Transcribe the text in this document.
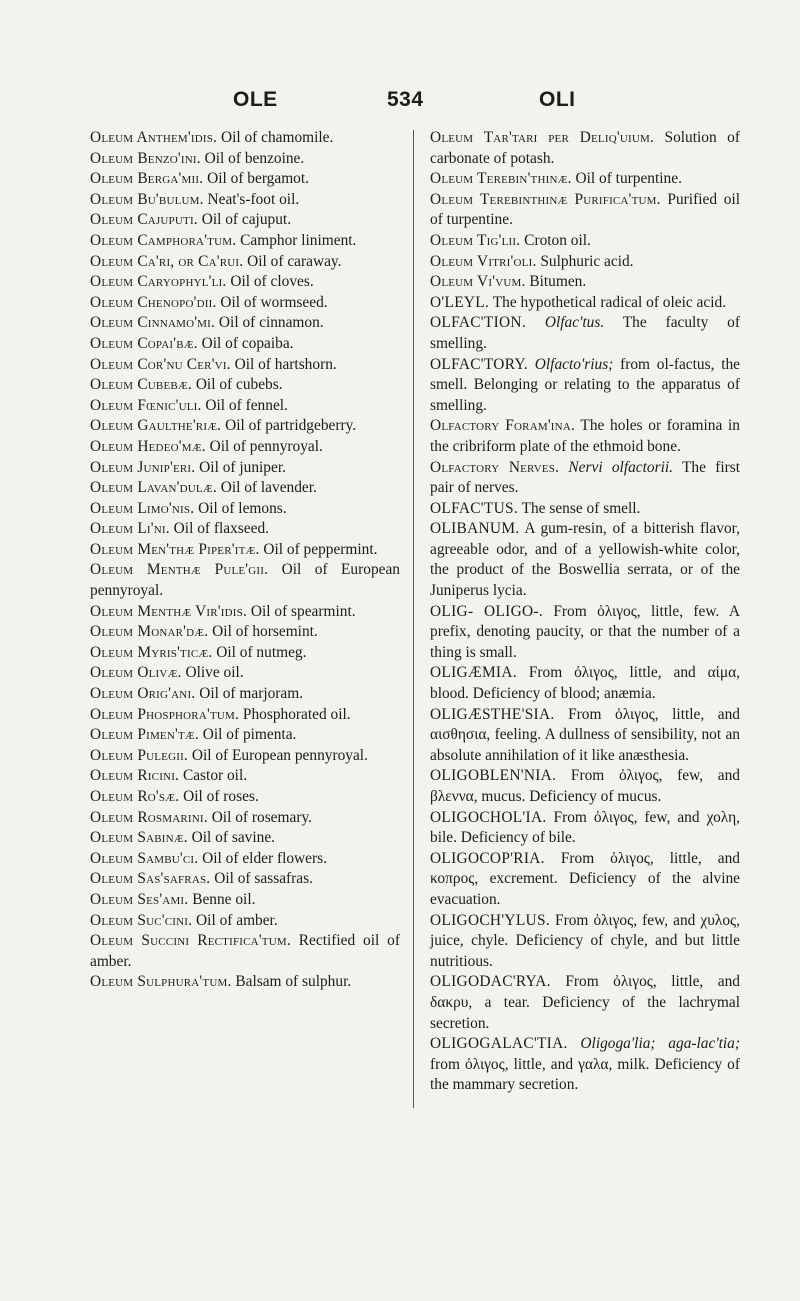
OLE	534	OLI

Oleum Anthem'idis. Oil of chamomile.

Oleum Benzo'ini. Oil of benzoine.

Oleum Berga'mii. Oil of bergamot.

Oleum Bu'bulum. Neat's-foot oil.

Oleum Cajuputi. Oil of cajuput.

Oleum Camphora'tum. Camphor liniment.

Oleum Ca'ri, or Ca'rui. Oil of caraway.

Oleum Caryophyl'li. Oil of cloves.

Oleum Chenopo'dii. Oil of wormseed.

Oleum Cinnamo'mi. Oil of cinnamon.

Oleum Copai'bæ. Oil of copaiba.

Oleum Cor'nu Cer'vi. Oil of hartshorn.

Oleum Cubebæ. Oil of cubebs.

Oleum Fœnic'uli. Oil of fennel.

Oleum Gaulthe'riæ. Oil of partridgeberry.

Oleum Hedeo'mæ. Oil of pennyroyal.

Oleum Junip'eri. Oil of juniper.

Oleum Lavan'dulæ. Oil of lavender.

Oleum Limo'nis. Oil of lemons.

Oleum Li'ni. Oil of flaxseed.

Oleum Men'thæ Piper'itæ. Oil of peppermint.

Oleum Menthæ Pule'gii. Oil of European pennyroyal.

Oleum Menthæ Vir'idis. Oil of spearmint.

Oleum Monar'dæ. Oil of horsemint.

Oleum Myris'ticæ. Oil of nutmeg.

Oleum Olivæ. Olive oil.

Oleum Orig'ani. Oil of marjoram.

Oleum Phosphora'tum. Phosphorated oil.

Oleum Pimen'tæ. Oil of pimenta.

Oleum Pulegii. Oil of European pennyroyal.

Oleum Ricini. Castor oil.

Oleum Ro'sæ. Oil of roses.

Oleum Rosmarini. Oil of rosemary.

Oleum Sabinæ. Oil of savine.

Oleum Sambu'ci. Oil of elder flowers.

Oleum Sas'safras. Oil of sassafras.

Oleum Ses'ami. Benne oil.

Oleum Suc'cini. Oil of amber.

Oleum Succini Rectifica'tum. Rectified oil of amber.

Oleum Sulphura'tum. Balsam of sulphur.

Oleum Tar'tari per Deliq'uium. Solution of carbonate of potash.

Oleum Terebin'thinæ. Oil of turpentine.

Oleum Terebinthinæ Purifica'tum. Purified oil of turpentine.

Oleum Tig'lii. Croton oil.

Oleum Vitri'oli. Sulphuric acid.

Oleum Vi'vum. Bitumen.

O'LEYL. The hypothetical radical of oleic acid.

OLFAC'TION. Olfac'tus. The faculty of smelling.

OLFAC'TORY. Olfacto'rius; from ol-factus, the smell. Belonging or relating to the apparatus of smelling.

Olfactory Foram'ina. The holes or foramina in the cribriform plate of the ethmoid bone.

Olfactory Nerves. Nervi olfactorii. The first pair of nerves.

OLFAC'TUS. The sense of smell.

OLIBANUM. A gum-resin, of a bitterish flavor, agreeable odor, and of a yellowish-white color, the product of the Boswellia serrata, or of the Juniperus lycia.

OLIG- OLIGO-. From ὀλιγος, little, few. A prefix, denoting paucity, or that the number of a thing is small.

OLIGÆMIA. From ὀλιγος, little, and αἱμα, blood. Deficiency of blood; anæmia.

OLIGÆSTHE'SIA. From ὀλιγος, little, and αισθησια, feeling. A dullness of sensibility, not an absolute annihilation of it like anæsthesia.

OLIGOBLEN'NIA. From ὀλιγος, few, and βλεννα, mucus. Deficiency of mucus.

OLIGOCHOL'IA. From ὀλιγος, few, and χολη, bile. Deficiency of bile.

OLIGOCOP'RIA. From ὀλιγος, little, and κοπρος, excrement. Deficiency of the alvine evacuation.

OLIGOCH'YLUS. From ὀλιγος, few, and χυλος, juice, chyle. Deficiency of chyle, and but little nutritious.

OLIGODAC'RYA. From ὀλιγος, little, and δακρυ, a tear. Deficiency of the lachrymal secretion.

OLIGOGALAC'TIA. Oligoga'lia; aga-lac'tia; from ὀλιγος, little, and γαλα, milk. Deficiency of the mammary secretion.
